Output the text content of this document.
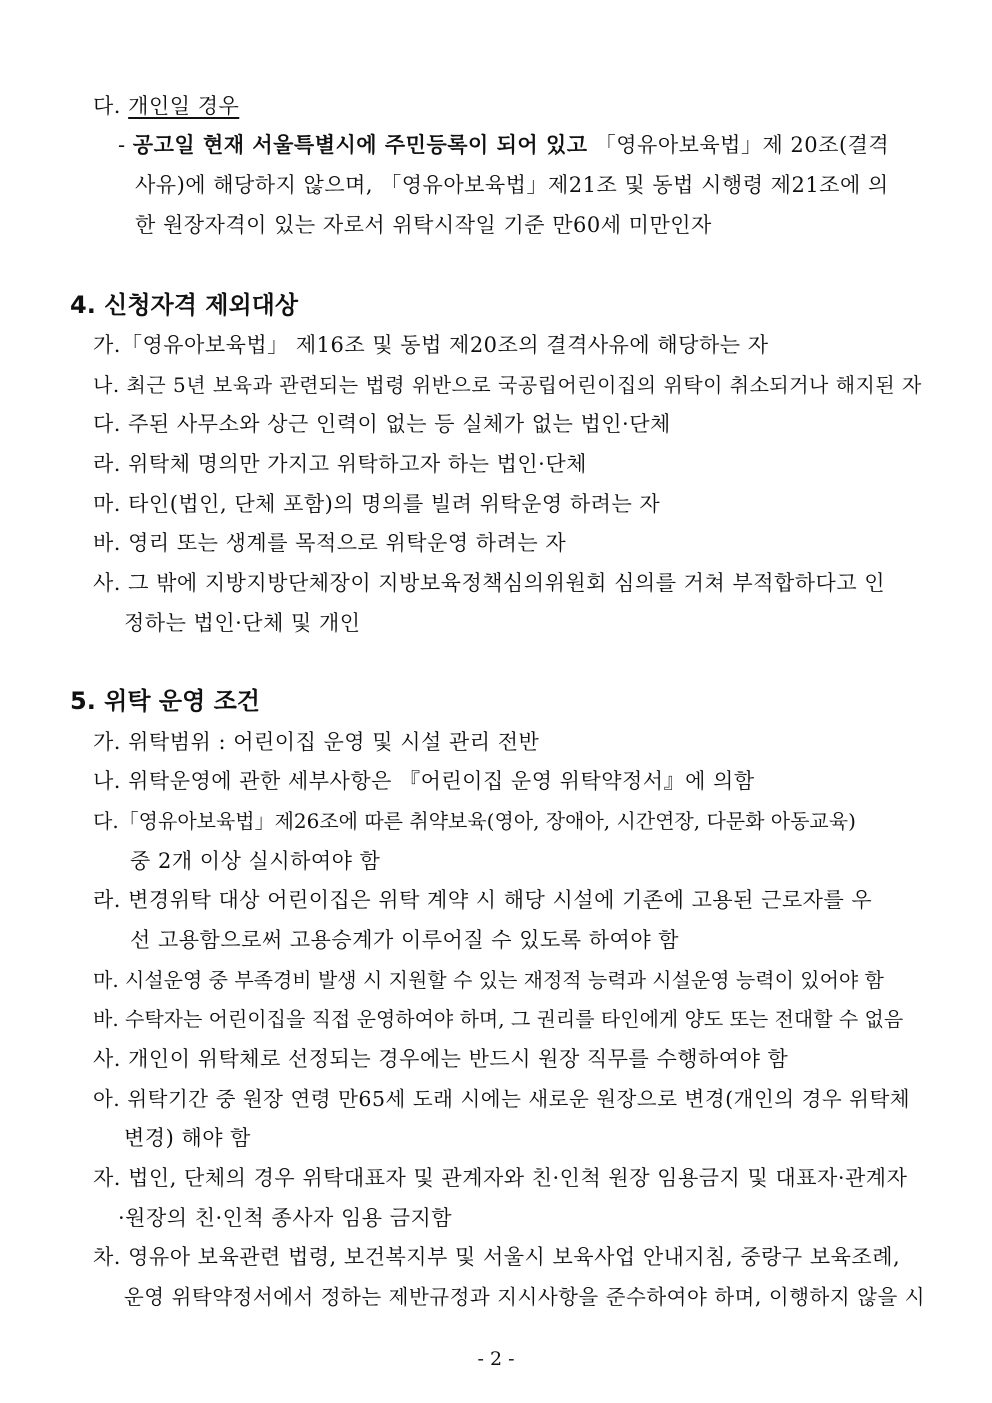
다. 개인일 경우
- 공고일 현재 서울특별시에 주민등록이 되어 있고 「영유아보육법」제 20조(결격
사유)에 해당하지 않으며, 「영유아보육법」제21조 및 동법 시행령 제21조에 의
한 원장자격이 있는 자로서 위탁시작일 기준 만60세 미만인자
4. 신청자격 제외대상
가.「영유아보육법」 제16조 및 동법 제20조의 결격사유에 해당하는 자
나. 최근 5년 보육과 관련되는 법령 위반으로 국공립어린이집의 위탁이 취소되거나 해지된 자
다. 주된 사무소와 상근 인력이 없는 등 실체가 없는 법인·단체
라. 위탁체 명의만 가지고 위탁하고자 하는 법인·단체
마. 타인(법인, 단체 포함)의 명의를 빌려 위탁운영 하려는 자
바. 영리 또는 생계를 목적으로 위탁운영 하려는 자
사. 그 밖에 지방지방단체장이 지방보육정책심의위원회 심의를 거쳐 부적합하다고 인
정하는 법인·단체 및 개인
5. 위탁 운영 조건
가. 위탁범위 : 어린이집 운영 및 시설 관리 전반
나. 위탁운영에 관한 세부사항은 『어린이집 운영 위탁약정서』에 의함
다.「영유아보육법」제26조에 따른 취약보육(영아, 장애아, 시간연장, 다문화 아동교육)
중 2개 이상 실시하여야 함
라. 변경위탁 대상 어린이집은 위탁 계약 시 해당 시설에 기존에 고용된 근로자를 우
선 고용함으로써 고용승계가 이루어질 수 있도록 하여야 함
마. 시설운영 중 부족경비 발생 시 지원할 수 있는 재정적 능력과 시설운영 능력이 있어야 함
바. 수탁자는 어린이집을 직접 운영하여야 하며, 그 권리를 타인에게 양도 또는 전대할 수 없음
사. 개인이 위탁체로 선정되는 경우에는 반드시 원장 직무를 수행하여야 함
아. 위탁기간 중 원장 연령 만65세 도래 시에는 새로운 원장으로 변경(개인의 경우 위탁체
변경) 해야 함
자. 법인, 단체의 경우 위탁대표자 및 관계자와 친·인척 원장 임용금지 및 대표자·관계자
·원장의 친·인척 종사자 임용 금지함
차. 영유아 보육관련 법령, 보건복지부 및 서울시 보육사업 안내지침, 중랑구 보육조례,
운영 위탁약정서에서 정하는 제반규정과 지시사항을 준수하여야 하며, 이행하지 않을 시
- 2 -
